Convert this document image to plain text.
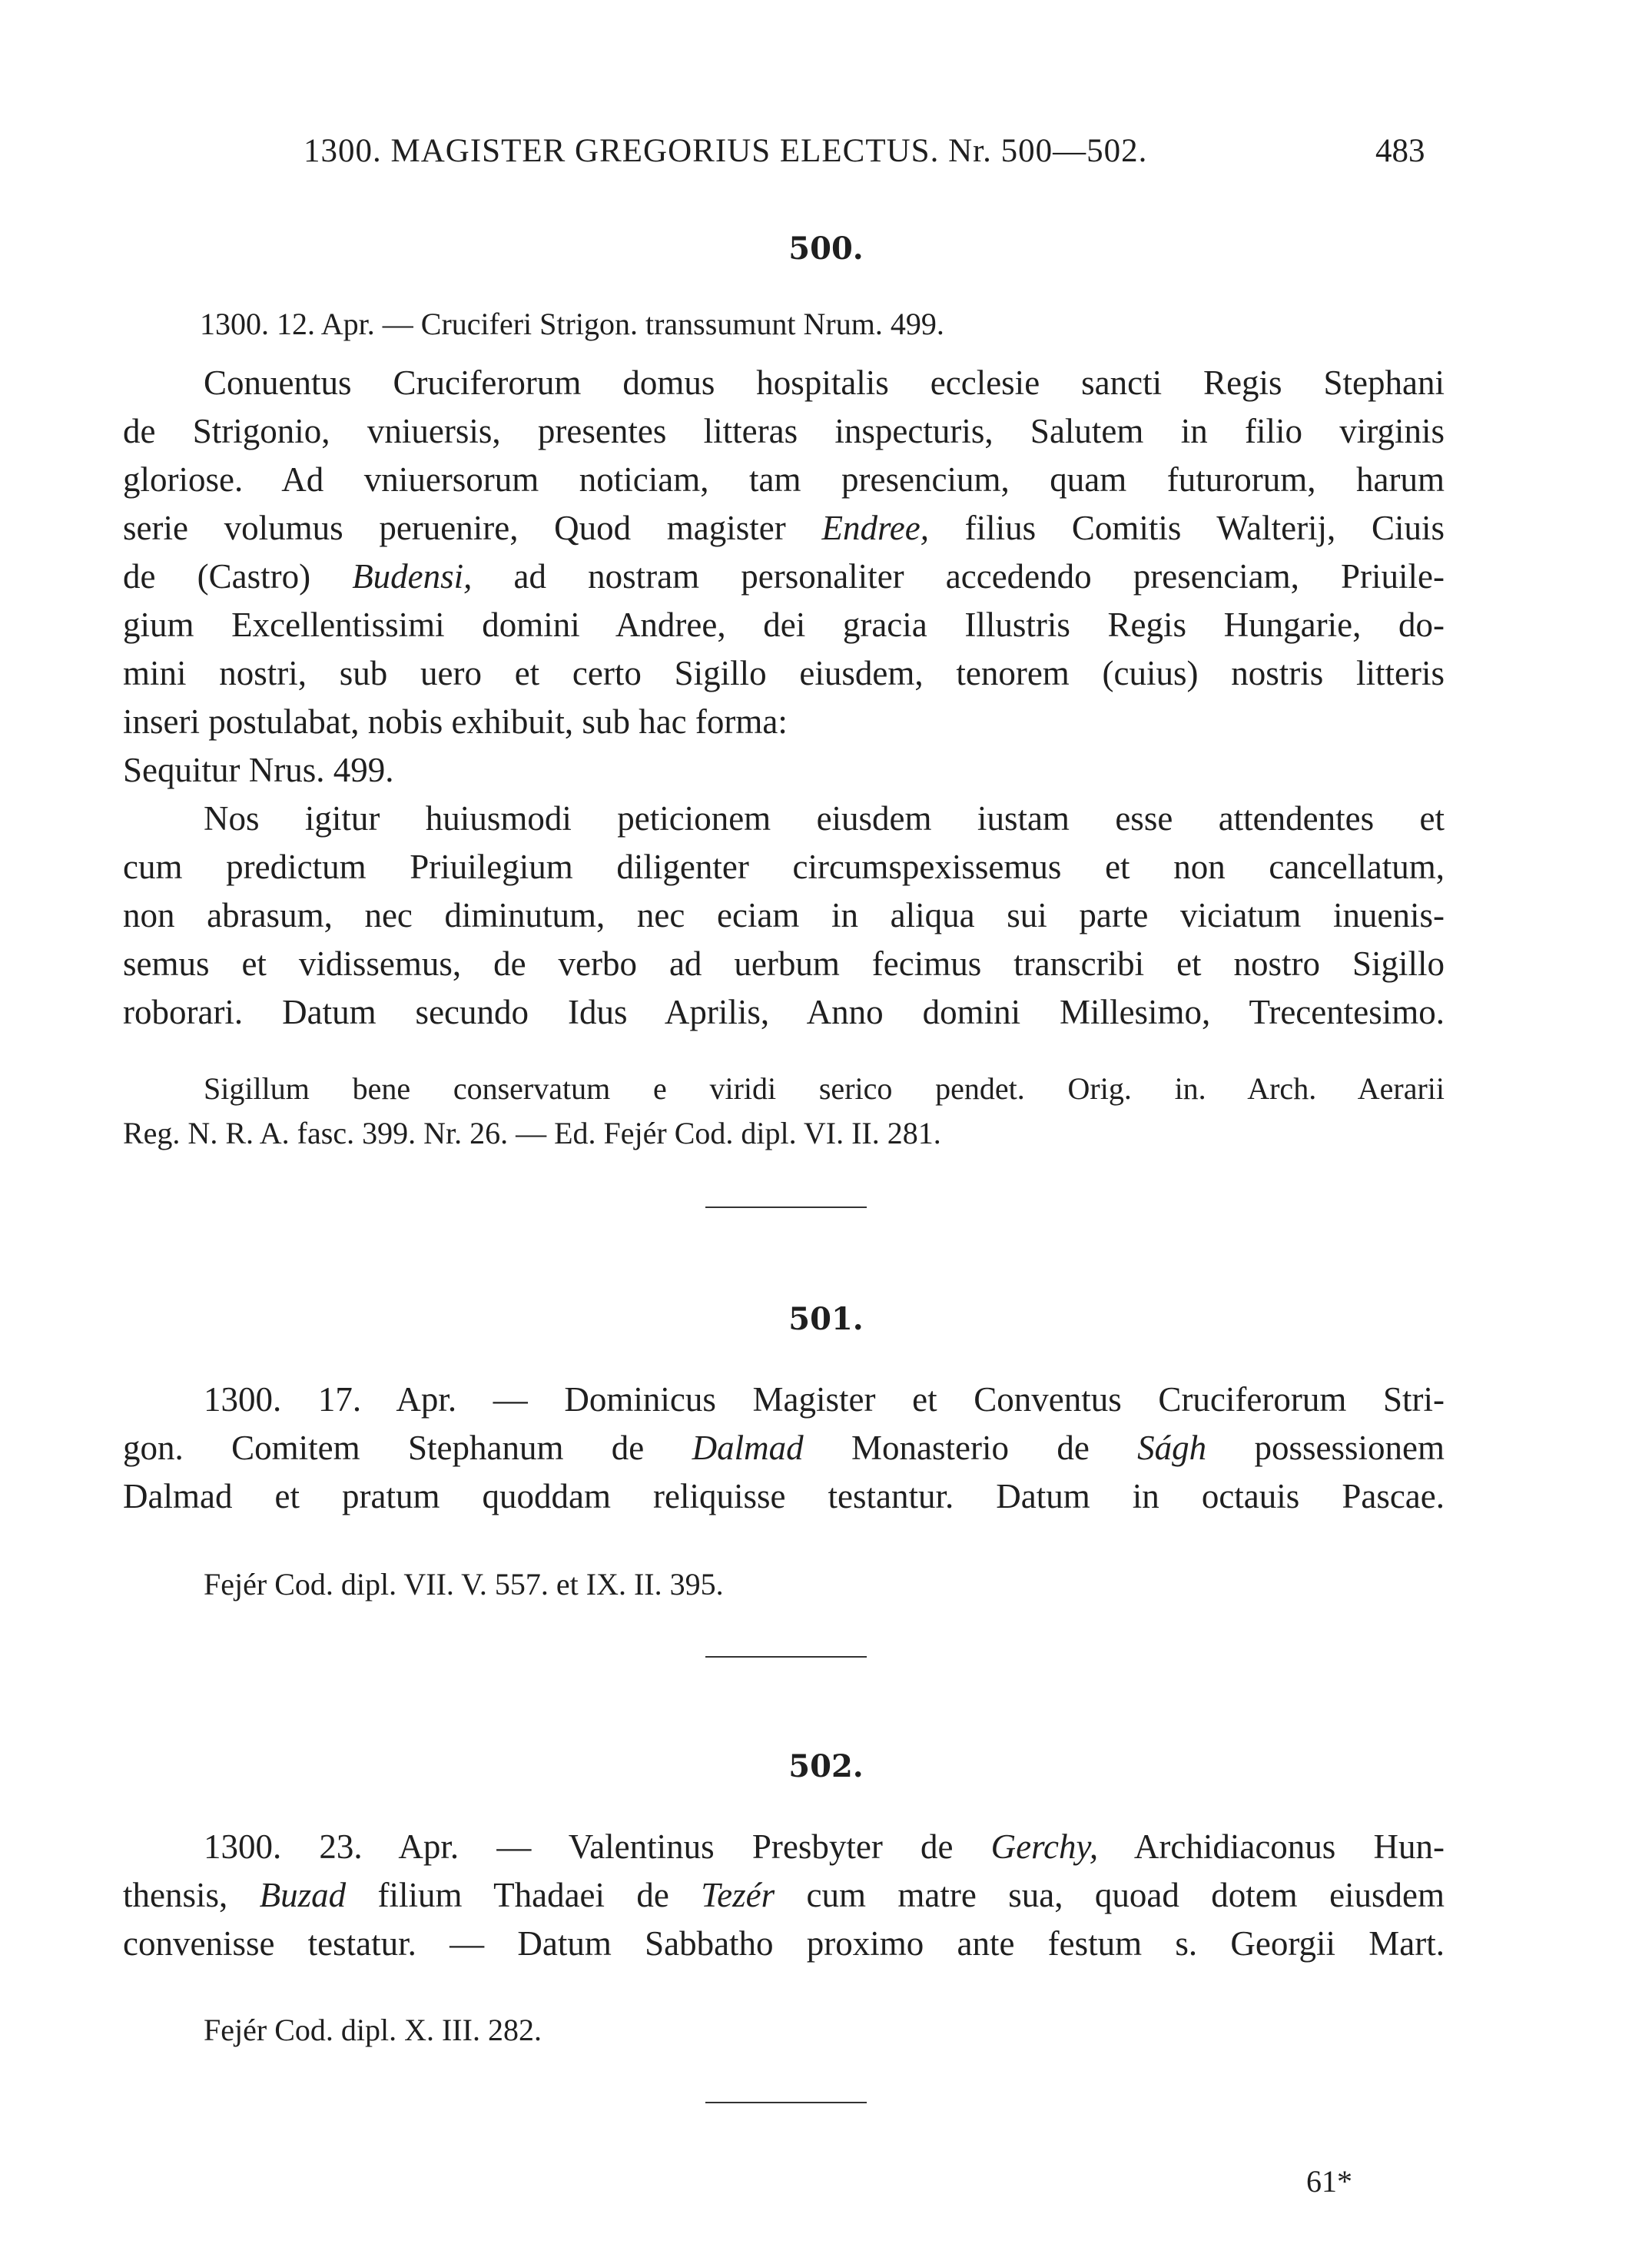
1300. MAGISTER GREGORIUS ELECTUS. Nr. 500—502.	483
500.
1300. 12. Apr. — Cruciferi Strigon. transsumunt Nrum. 499.
Conuentus Cruciferorum domus hospitalis ecclesie sancti Regis Stephani
de Strigonio, vniuersis, presentes litteras inspecturis, Salutem in filio virginis
gloriose. Ad vniuersorum noticiam, tam presencium, quam futurorum, harum
serie volumus peruenire, Quod magister Endree, filius Comitis Walterij, Ciuis
de (Castro) Budensi, ad nostram personaliter accedendo presenciam, Priuile-
gium Excellentissimi domini Andree, dei gracia Illustris Regis Hungarie, do-
mini nostri, sub uero et certo Sigillo eiusdem, tenorem (cuius) nostris litteris
inseri postulabat, nobis exhibuit, sub hac forma:
Sequitur Nrus. 499.
Nos igitur huiusmodi peticionem eiusdem iustam esse attendentes et
cum predictum Priuilegium diligenter circumspexissemus et non cancellatum,
non abrasum, nec diminutum, nec eciam in aliqua sui parte viciatum inuenis-
semus et vidissemus, de verbo ad uerbum fecimus transcribi et nostro Sigillo
roborari. Datum secundo Idus Aprilis, Anno domini Millesimo, Trecentesimo.
Sigillum bene conservatum e viridi serico pendet. Orig. in. Arch. Aerarii
Reg. N. R. A. fasc. 399. Nr. 26. — Ed. Fejér Cod. dipl. VI. II. 281.
501.
1300. 17. Apr. — Dominicus Magister et Conventus Cruciferorum Stri-
gon. Comitem Stephanum de Dalmad Monasterio de Ságh possessionem
Dalmad et pratum quoddam reliquisse testantur. Datum in octauis Pascae.
Fejér Cod. dipl. VII. V. 557. et IX. II. 395.
502.
1300. 23. Apr. — Valentinus Presbyter de Gerchy, Archidiaconus Hun-
thensis, Buzad filium Thadaei de Tezér cum matre sua, quoad dotem eiusdem
convenisse testatur. — Datum Sabbatho proximo ante festum s. Georgii Mart.
Fejér Cod. dipl. X. III. 282.
61*
